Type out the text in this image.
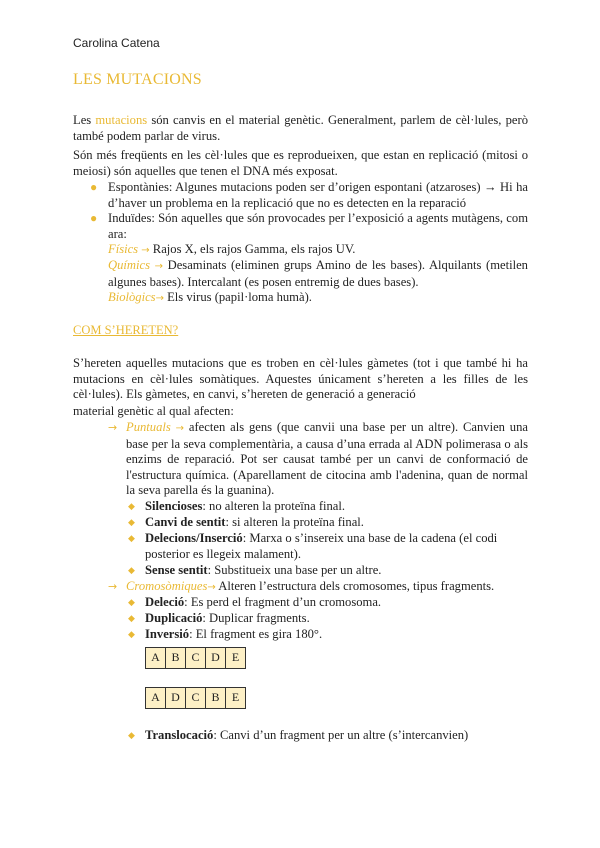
Carolina Catena
LES MUTACIONS
Les mutacions són canvis en el material genètic. Generalment, parlem de cèl·lules, però també podem parlar de virus.
Són més freqüents en les cèl·lules que es reprodueixen, que estan en replicació (mitosi o meiosi) són aquelles que tenen el DNA més exposat.
● Espontànies: Algunes mutacions poden ser d’origen espontani (atzaroses) → Hi ha d’haver un problema en la replicació que no es detecten en la reparació
● Induïdes: Són aquelles que són provocades per l’exposició a agents mutàgens, com ara:
Físics → Rajos X, els rajos Gamma, els rajos UV.
Químics → Desaminats (eliminen grups Amino de les bases). Alquilants (metilen algunes bases). Intercalant (es posen entremig de dues bases).
Biològics→ Els virus (papil·loma humà).
COM S’HERETEN?
S’hereten aquelles mutacions que es troben en cèl·lules gàmetes (tot i que també hi ha mutacions en cèl·lules somàtiques. Aquestes únicament s’hereten a les filles de les cèl·lules). Els gàmetes, en canvi, s’hereten de generació a generació
material genètic al qual afecten:
→ Puntuals → afecten als gens (que canvii una base per un altre). Canvien una base per la seva complementària, a causa d’una errada al ADN polimerasa o als enzims de reparació. Pot ser causat també per un canvi de conformació de l'estructura química. (Aparellament de citocina amb l'adenina, quan de normal la seva parella és la guanina).
◆ Silencioses: no alteren la proteïna final.
◆ Canvi de sentit: si alteren la proteïna final.
◆ Delecions/Inserció: Marxa o s’insereix una base de la cadena (el codi posterior es llegeix malament).
◆ Sense sentit: Substitueix una base per un altre.
→ Cromosòmiques→ Alteren l’estructura dels cromosomes, tipus fragments.
◆ Deleció: Es perd el fragment d’un cromosoma.
◆ Duplicació: Duplicar fragments.
◆ Inversió: El fragment es gira 180°.
A B C D	E
A D C B	E
◆ Translocació: Canvi d’un fragment per un altre (s’intercanvien)
